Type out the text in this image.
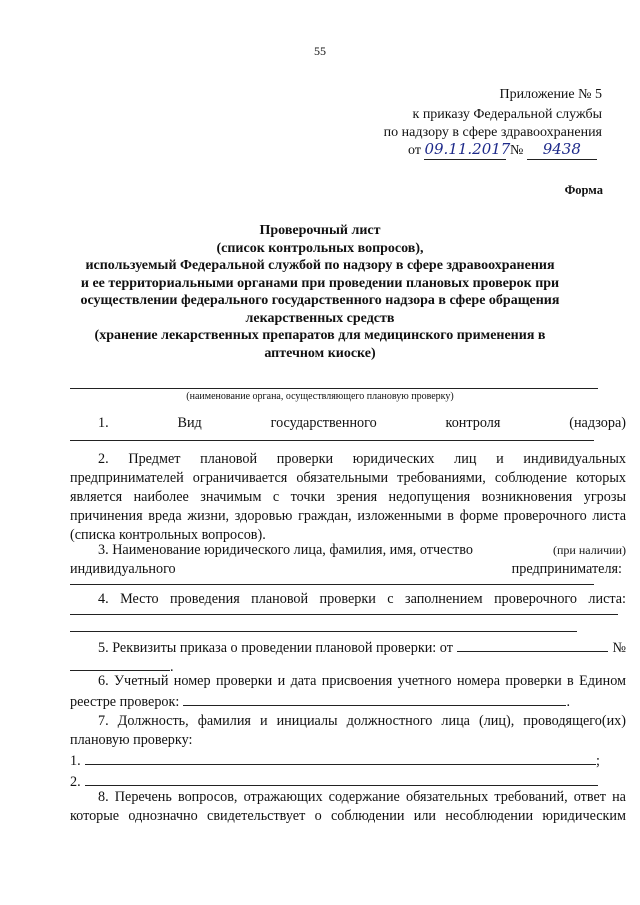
55
Приложение № 5
к приказу Федеральной службы
по надзору в сфере здравоохранения
от 09.11.2017 № 9438
Форма
Проверочный лист
(список контрольных вопросов),
используемый Федеральной службой по надзору в сфере здравоохранения
и ее территориальными органами при проведении плановых проверок при
осуществлении федерального государственного надзора в сфере обращения
лекарственных средств
(хранение лекарственных препаратов для медицинского применения в
аптечном киоске)
(наименование органа, осуществляющего плановую проверку)
1.	Вид	государственного	контроля	(надзора)
2. Предмет плановой проверки юридических лиц и индивидуальных
предпринимателей ограничивается обязательными требованиями, соблюдение которых
является наиболее значимым с точки зрения недопущения возникновения угрозы
причинения вреда жизни, здоровью граждан, изложенными в форме проверочного листа
(списка контрольных вопросов).
3. Наименование юридического лица, фамилия, имя, отчество	(при наличии)
индивидуального	предпринимателя:
4. Место проведения плановой проверки с заполнением проверочного листа:
5. Реквизиты приказа о проведении плановой проверки: от	№
.
6. Учетный номер проверки и дата присвоения учетного номера проверки в Едином
реестре проверок:	.
7. Должность, фамилия и инициалы должностного лица (лиц), проводящего(их)
плановую проверку:
1.	;
2.
8. Перечень вопросов, отражающих содержание обязательных требований, ответ на
которые однозначно свидетельствует о соблюдении или несоблюдении юридическим
